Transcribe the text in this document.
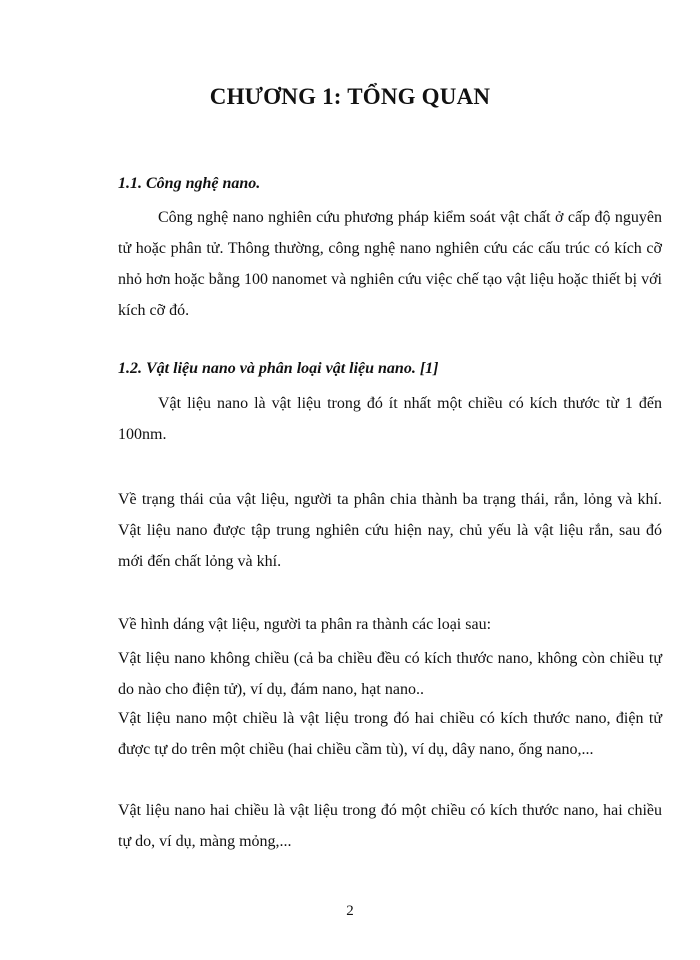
CHƯƠNG 1: TỔNG QUAN
1.1. Công nghệ nano.

Công nghệ nano nghiên cứu phương pháp kiểm soát vật chất ở cấp độ nguyên tử hoặc phân tử. Thông thường, công nghệ nano nghiên cứu các cấu trúc có kích cỡ nhỏ hơn hoặc bằng 100 nanomet và nghiên cứu việc chế tạo vật liệu hoặc thiết bị với kích cỡ đó.

1.2. Vật liệu nano và phân loại vật liệu nano. [1]

Vật liệu nano là vật liệu trong đó ít nhất một chiều có kích thước từ 1 đến 100nm.

Về trạng thái của vật liệu, người ta phân chia thành ba trạng thái, rắn, lỏng và khí. Vật liệu nano được tập trung nghiên cứu hiện nay, chủ yếu là vật liệu rắn, sau đó mới đến chất lỏng và khí.

Về hình dáng vật liệu, người ta phân ra thành các loại sau:

Vật liệu nano không chiều (cả ba chiều đều có kích thước nano, không còn chiều tự do nào cho điện tử), ví dụ, đám nano, hạt nano..

Vật liệu nano một chiều là vật liệu trong đó hai chiều có kích thước nano, điện tử được tự do trên một chiều (hai chiều cầm tù), ví dụ, dây nano, ống nano,...

Vật liệu nano hai chiều là vật liệu trong đó một chiều có kích thước nano, hai chiều tự do, ví dụ, màng mỏng,...

2
